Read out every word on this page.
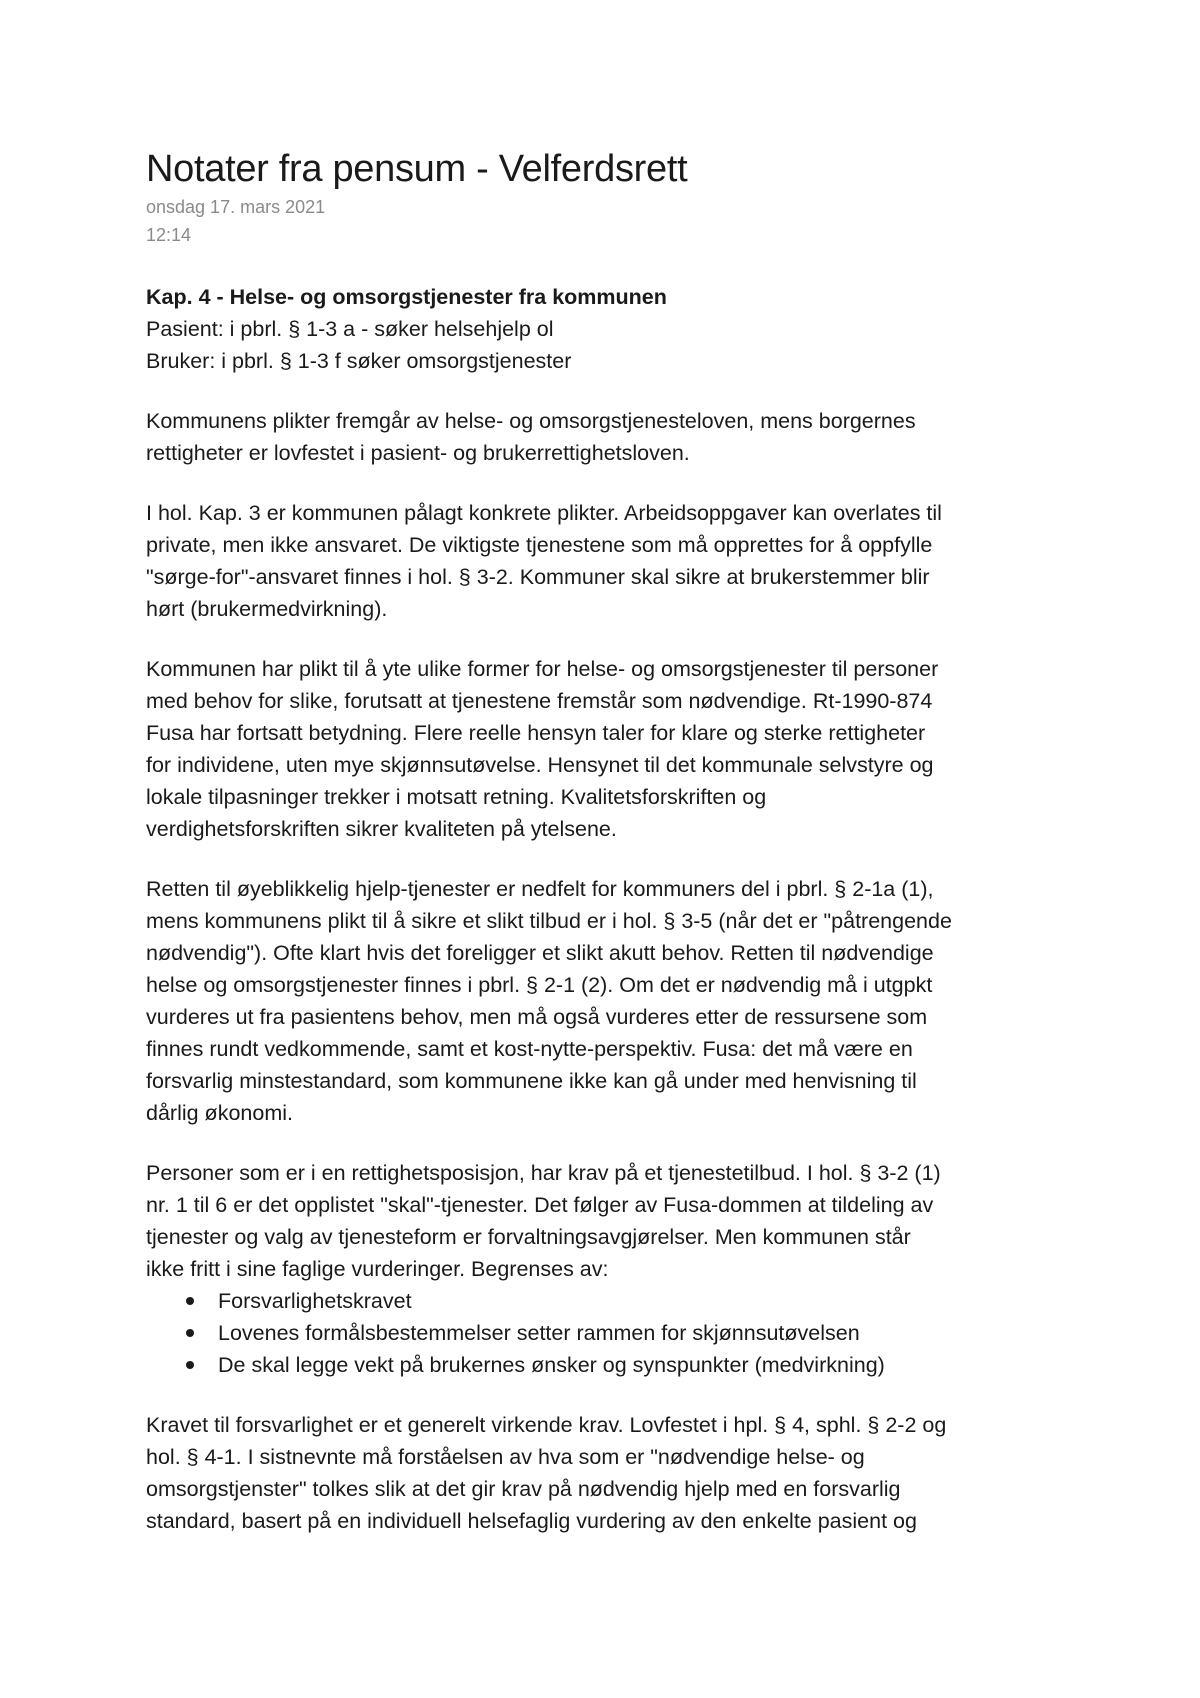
Notater fra pensum - Velferdsrett
onsdag 17. mars 2021
12:14
Kap. 4 - Helse- og omsorgstjenester fra kommunen
Pasient: i pbrl. § 1-3 a - søker helsehjelp ol
Bruker: i pbrl. § 1-3 f søker omsorgstjenester
Kommunens plikter fremgår av helse- og omsorgstjenesteloven, mens borgernes
rettigheter er lovfestet i pasient- og brukerrettighetsloven.
I hol. Kap. 3 er kommunen pålagt konkrete plikter. Arbeidsoppgaver kan overlates til
private, men ikke ansvaret. De viktigste tjenestene som må opprettes for å oppfylle
"sørge-for"-ansvaret finnes i hol. § 3-2. Kommuner skal sikre at brukerstemmer blir
hørt (brukermedvirkning).
Kommunen har plikt til å yte ulike former for helse- og omsorgstjenester til personer
med behov for slike, forutsatt at tjenestene fremstår som nødvendige. Rt-1990-874
Fusa har fortsatt betydning. Flere reelle hensyn taler for klare og sterke rettigheter
for individene, uten mye skjønnsutøvelse. Hensynet til det kommunale selvstyre og
lokale tilpasninger trekker i motsatt retning. Kvalitetsforskriften og
verdighetsforskriften sikrer kvaliteten på ytelsene.
Retten til øyeblikkelig hjelp-tjenester er nedfelt for kommuners del i pbrl. § 2-1a (1),
mens kommunens plikt til å sikre et slikt tilbud er i hol. § 3-5 (når det er "påtrengende
nødvendig"). Ofte klart hvis det foreligger et slikt akutt behov. Retten til nødvendige
helse og omsorgstjenester finnes i pbrl. § 2-1 (2). Om det er nødvendig må i utgpkt
vurderes ut fra pasientens behov, men må også vurderes etter de ressursene som
finnes rundt vedkommende, samt et kost-nytte-perspektiv. Fusa: det må være en
forsvarlig minstestandard, som kommunene ikke kan gå under med henvisning til
dårlig økonomi.
Personer som er i en rettighetsposisjon, har krav på et tjenestetilbud. I hol. § 3-2 (1)
nr. 1 til 6 er det opplistet "skal"-tjenester. Det følger av Fusa-dommen at tildeling av
tjenester og valg av tjenesteform er forvaltningsavgjørelser. Men kommunen står
ikke fritt i sine faglige vurderinger. Begrenses av:
Forsvarlighetskravet
Lovenes formålsbestemmelser setter rammen for skjønnsutøvelsen
De skal legge vekt på brukernes ønsker og synspunkter (medvirkning)
Kravet til forsvarlighet er et generelt virkende krav. Lovfestet i hpl. § 4, sphl. § 2-2 og
hol. § 4-1. I sistnevnte må forståelsen av hva som er "nødvendige helse- og
omsorgstjenster" tolkes slik at det gir krav på nødvendig hjelp med en forsvarlig
standard, basert på en individuell helsefaglig vurdering av den enkelte pasient og
